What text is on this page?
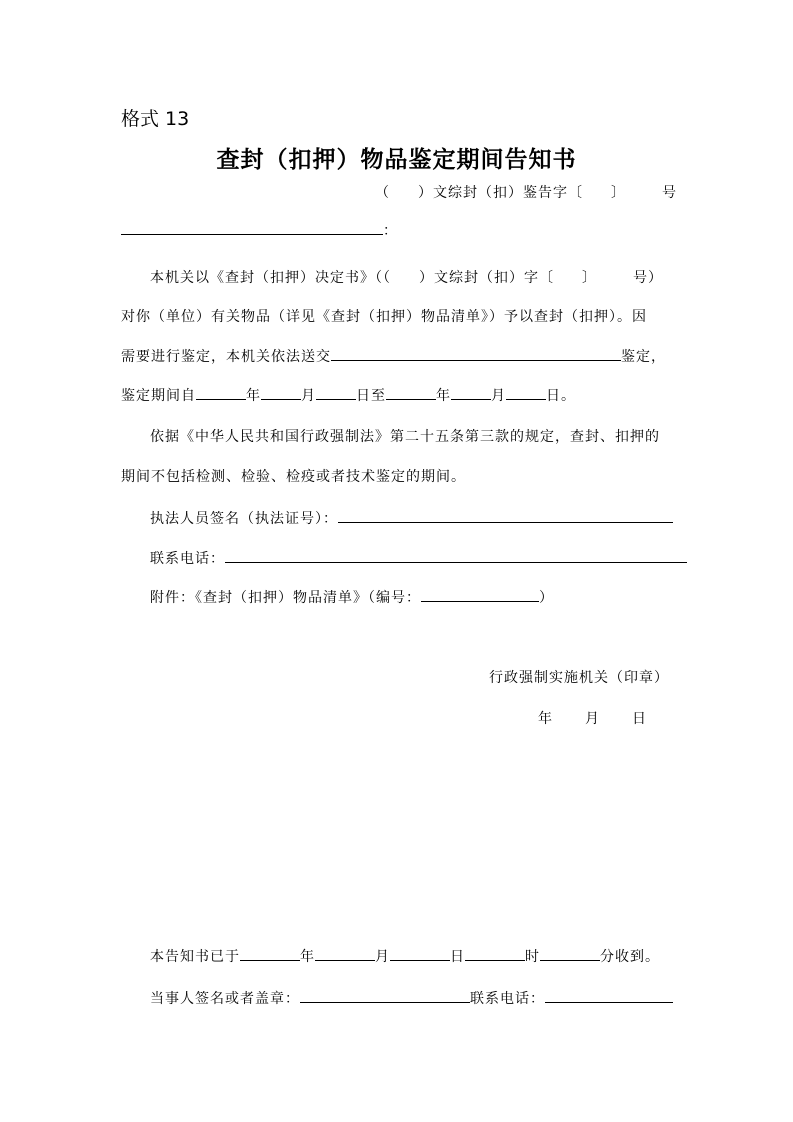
格式 13
查封（扣押）物品鉴定期间告知书
（ ）文综封（扣）鉴告字〔 〕	号
：
本机关以《查封（扣押）决定书》（（ ）文综封（扣）字〔 〕	号）
对你（单位）有关物品（详见《查封（扣押）物品清单》）予以查封（扣押）。因
需要进行鉴定，本机关依法送交	鉴定，
鉴定期间自	年	月	日至	年	月	日。
依据《中华人民共和国行政强制法》第二十五条第三款的规定，查封、扣押的
期间不包括检测、检验、检疫或者技术鉴定的期间。
执法人员签名（执法证号）：
联系电话：
附件：《查封（扣押）物品清单》（编号：	）
行政强制实施机关（印章）
年 月 日
本告知书已于	年	月	日	时	分收到。
当事人签名或者盖章：	联系电话：
